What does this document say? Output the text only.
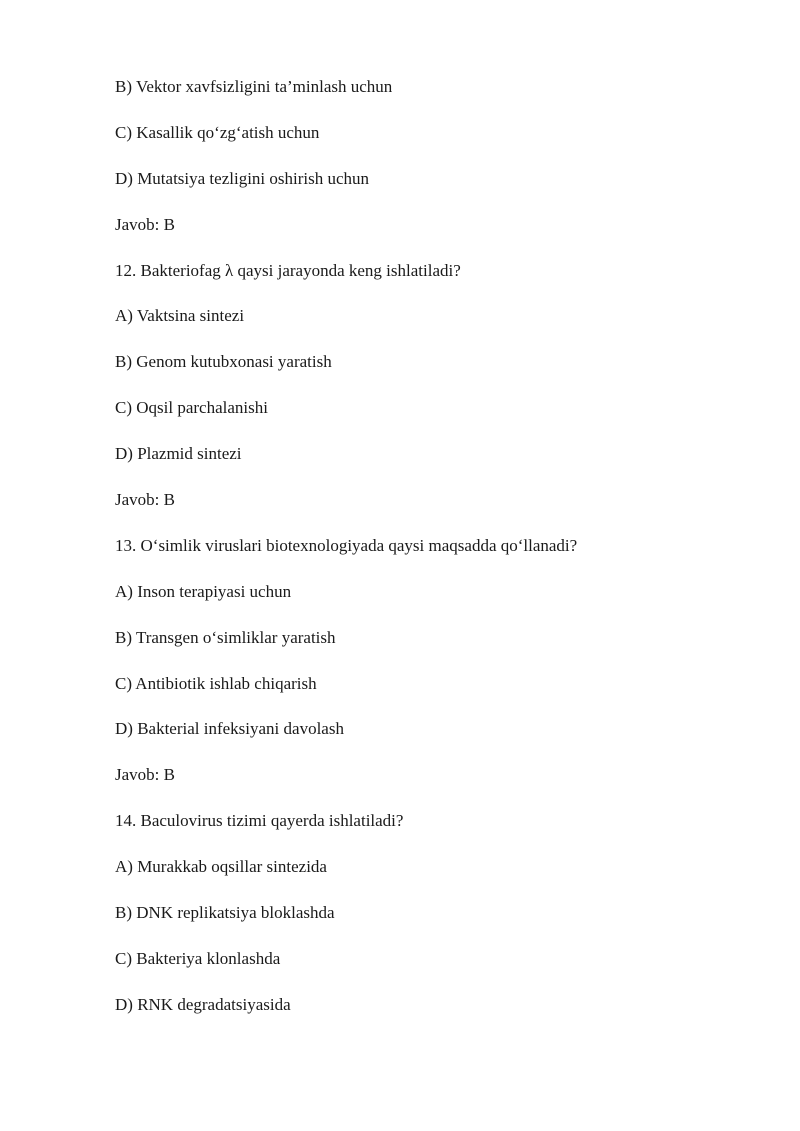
B) Vektor xavfsizligini ta’minlash uchun
C) Kasallik qo‘zg‘atish uchun
D) Mutatsiya tezligini oshirish uchun
Javob: B
12. Bakteriofag λ qaysi jarayonda keng ishlatiladi?
A) Vaktsina sintezi
B) Genom kutubxonasi yaratish
C) Oqsil parchalanishi
D) Plazmid sintezi
Javob: B
13. O‘simlik viruslari biotexnologiyada qaysi maqsadda qo‘llanadi?
A) Inson terapiyasi uchun
B) Transgen o‘simliklar yaratish
C) Antibiotik ishlab chiqarish
D) Bakterial infeksiyani davolash
Javob: B
14. Baculovirus tizimi qayerda ishlatiladi?
A) Murakkab oqsillar sintezida
B) DNK replikatsiya bloklashda
C) Bakteriya klonlashda
D) RNK degradatsiyasida
